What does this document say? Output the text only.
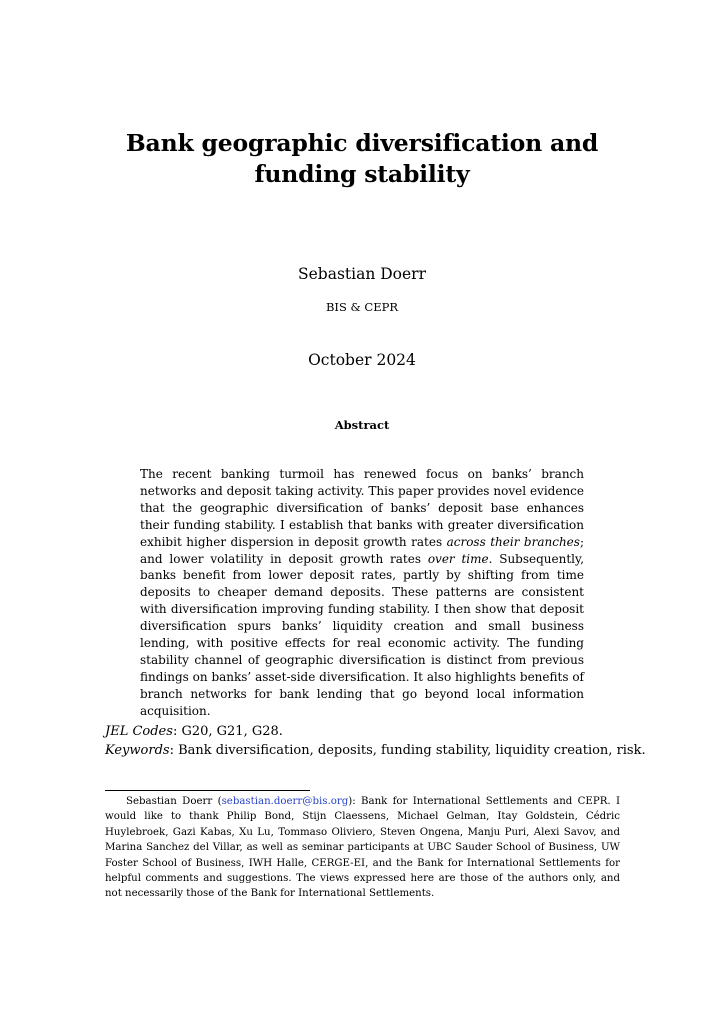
Bank geographic diversification and
funding stability
Sebastian Doerr
BIS & CEPR
October 2024
Abstract
The recent banking turmoil has renewed focus on banks’ branch networks and deposit taking activity. This paper provides novel evidence that the geographic diversification of banks’ deposit base enhances their funding stability. I establish that banks with greater diversification exhibit higher dispersion in deposit growth rates across their branches; and lower volatility in deposit growth rates over time. Subsequently, banks benefit from lower deposit rates, partly by shifting from time deposits to cheaper demand deposits. These patterns are consistent with diversification improving funding stability. I then show that deposit diversification spurs banks’ liquidity creation and small business lending, with positive effects for real economic activity. The funding stability channel of geographic diversification is distinct from previous findings on banks’ asset-side diversification. It also highlights benefits of branch networks for bank lending that go beyond local information acquisition.
JEL Codes: G20, G21, G28.
Keywords: Bank diversification, deposits, funding stability, liquidity creation, risk.
Sebastian Doerr (sebastian.doerr@bis.org): Bank for International Settlements and CEPR. I would like to thank Philip Bond, Stijn Claessens, Michael Gelman, Itay Goldstein, Cédric Huylebroek, Gazi Kabas, Xu Lu, Tommaso Oliviero, Steven Ongena, Manju Puri, Alexi Savov, and Marina Sanchez del Villar, as well as seminar participants at UBC Sauder School of Business, UW Foster School of Business, IWH Halle, CERGE-EI, and the Bank for International Settlements for helpful comments and suggestions. The views expressed here are those of the authors only, and not necessarily those of the Bank for International Settlements.
